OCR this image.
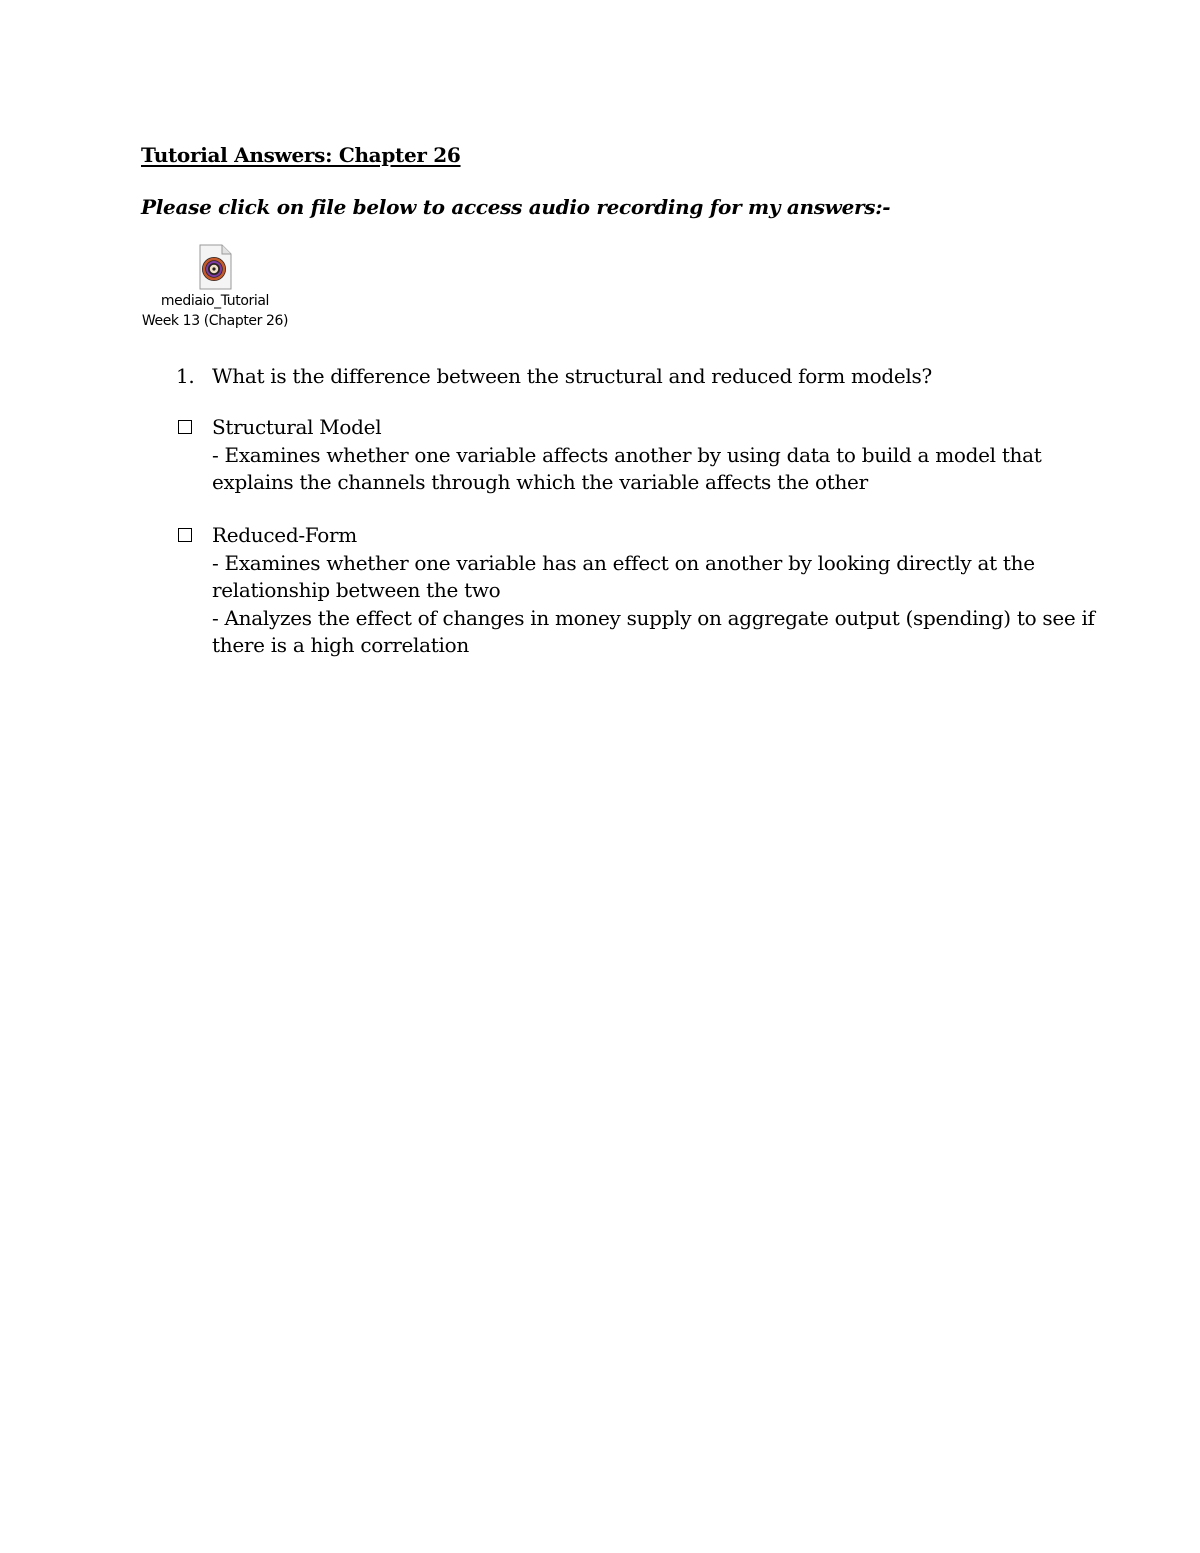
Tutorial Answers: Chapter 26
Please click on file below to access audio recording for my answers:-
mediaio_Tutorial
Week 13 (Chapter 26)
1. What is the difference between the structural and reduced form models?
Structural Model
- Examines whether one variable affects another by using data to build a model that
explains the channels through which the variable affects the other
Reduced-Form
- Examines whether one variable has an effect on another by looking directly at the
relationship between the two
- Analyzes the effect of changes in money supply on aggregate output (spending) to see if
there is a high correlation
